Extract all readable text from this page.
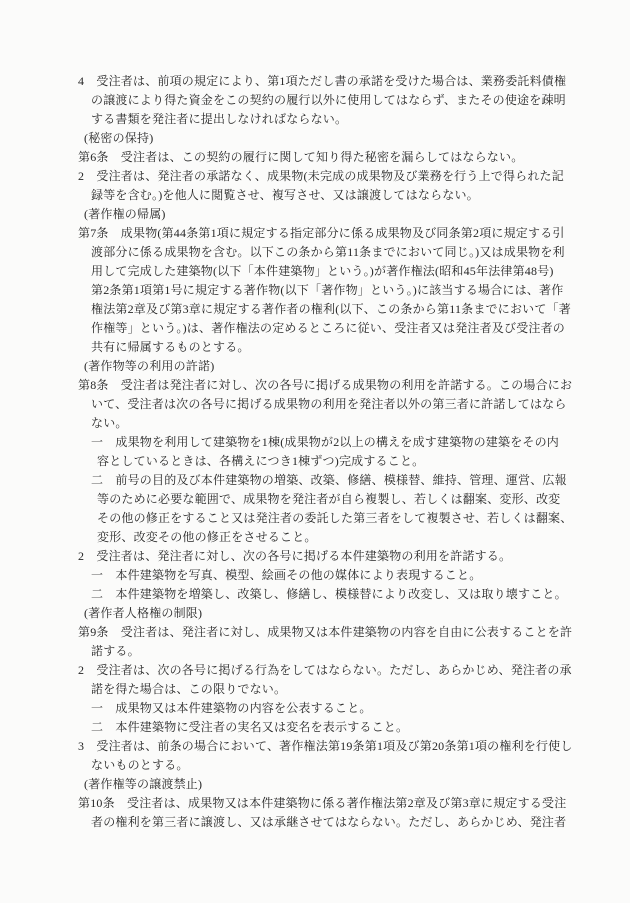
4　受注者は、前項の規定により、第1項ただし書の承諾を受けた場合は、業務委託料債権
の譲渡により得た資金をこの契約の履行以外に使用してはならず、またその使途を疎明
する書類を発注者に提出しなければならない。
(秘密の保持)
第6条　受注者は、この契約の履行に関して知り得た秘密を漏らしてはならない。
2　受注者は、発注者の承諾なく、成果物(未完成の成果物及び業務を行う上で得られた記
録等を含む。)を他人に閲覧させ、複写させ、又は譲渡してはならない。
(著作権の帰属)
第7条　成果物(第44条第1項に規定する指定部分に係る成果物及び同条第2項に規定する引
渡部分に係る成果物を含む。以下この条から第11条までにおいて同じ。)又は成果物を利
用して完成した建築物(以下「本件建築物」という。)が著作権法(昭和45年法律第48号)
第2条第1項第1号に規定する著作物(以下「著作物」という。)に該当する場合には、著作
権法第2章及び第3章に規定する著作者の権利(以下、この条から第11条までにおいて「著
作権等」という。)は、著作権法の定めるところに従い、受注者又は発注者及び受注者の
共有に帰属するものとする。
(著作物等の利用の許諾)
第8条　受注者は発注者に対し、次の各号に掲げる成果物の利用を許諾する。この場合にお
いて、受注者は次の各号に掲げる成果物の利用を発注者以外の第三者に許諾してはなら
ない。
一　成果物を利用して建築物を1棟(成果物が2以上の構えを成す建築物の建築をその内
容としているときは、各構えにつき1棟ずつ)完成すること。
二　前号の目的及び本件建築物の増築、改築、修繕、模様替、維持、管理、運営、広報
等のために必要な範囲で、成果物を発注者が自ら複製し、若しくは翻案、変形、改変
その他の修正をすること又は発注者の委託した第三者をして複製させ、若しくは翻案、
変形、改変その他の修正をさせること。
2　受注者は、発注者に対し、次の各号に掲げる本件建築物の利用を許諾する。
一　本件建築物を写真、模型、絵画その他の媒体により表現すること。
二　本件建築物を増築し、改築し、修繕し、模様替により改変し、又は取り壊すこと。
(著作者人格権の制限)
第9条　受注者は、発注者に対し、成果物又は本件建築物の内容を自由に公表することを許
諾する。
2　受注者は、次の各号に掲げる行為をしてはならない。ただし、あらかじめ、発注者の承
諾を得た場合は、この限りでない。
一　成果物又は本件建築物の内容を公表すること。
二　本件建築物に受注者の実名又は変名を表示すること。
3　受注者は、前条の場合において、著作権法第19条第1項及び第20条第1項の権利を行使し
ないものとする。
(著作権等の譲渡禁止)
第10条　受注者は、成果物又は本件建築物に係る著作権法第2章及び第3章に規定する受注
者の権利を第三者に譲渡し、又は承継させてはならない。ただし、あらかじめ、発注者
